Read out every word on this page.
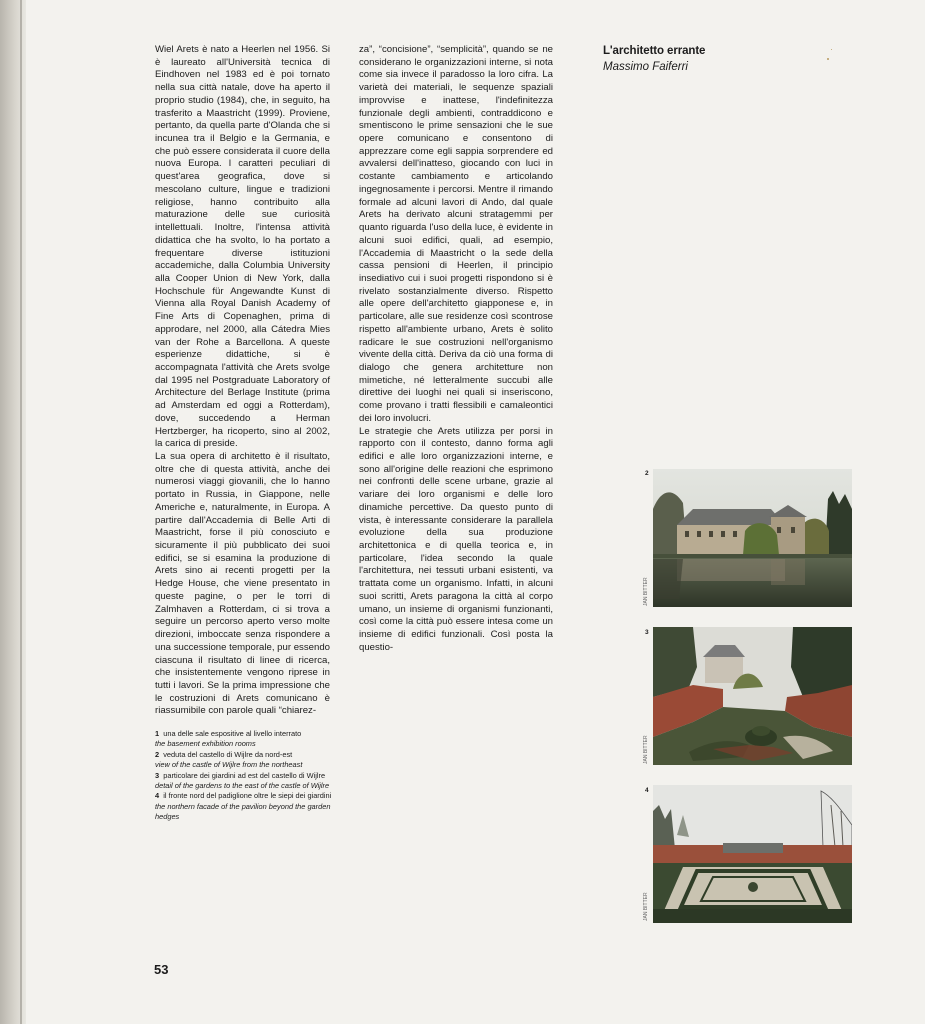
Wiel Arets è nato a Heerlen nel 1956. Si è laureato all'Università tecnica di Eindhoven nel 1983 ed è poi tornato nella sua città natale, dove ha aperto il proprio studio (1984), che, in seguito, ha trasferito a Maastricht (1999). Proviene, pertanto, da quella parte d'Olanda che si incunea tra il Belgio e la Germania, e che può essere considerata il cuore della nuova Europa. I caratteri peculiari di quest'area geografica, dove si mescolano culture, lingue e tradizioni religiose, hanno contribuito alla maturazione delle sue curiosità intellettuali. Inoltre, l'intensa attività didattica che ha svolto, lo ha portato a frequentare diverse istituzioni accademiche, dalla Columbia University alla Cooper Union di New York, dalla Hochschule für Angewandte Kunst di Vienna alla Royal Danish Academy of Fine Arts di Copenaghen, prima di approdare, nel 2000, alla Cátedra Mies van der Rohe a Barcellona. A queste esperienze didattiche, si è accompagnata l'attività che Arets svolge dal 1995 nel Postgraduate Laboratory of Architecture del Berlage Institute (prima ad Amsterdam ed oggi a Rotterdam), dove, succedendo a Herman Hertzberger, ha ricoperto, sino al 2002, la carica di preside.

La sua opera di architetto è il risultato, oltre che di questa attività, anche dei numerosi viaggi giovanili, che lo hanno portato in Russia, in Giappone, nelle Americhe e, naturalmente, in Europa. A partire dall'Accademia di Belle Arti di Maastricht, forse il più conosciuto e sicuramente il più pubblicato dei suoi edifici, se si esamina la produzione di Arets sino ai recenti progetti per la Hedge House, che viene presentato in queste pagine, o per le torri di Zalmhaven a Rotterdam, ci si trova a seguire un percorso aperto verso molte direzioni, imboccate senza rispondere a una successione temporale, pur essendo ciascuna il risultato di linee di ricerca, che insistentemente vengono riprese in tutti i lavori. Se la prima impressione che le costruzioni di Arets comunicano è riassumibile con parole quali “chiarez-

za”, “concisione”, “semplicità”, quando se ne considerano le organizzazioni interne, si nota come sia invece il paradosso la loro cifra. La varietà dei materiali, le sequenze spaziali improvvise e inattese, l'indefinitezza funzionale degli ambienti, contraddicono e smentiscono le prime sensazioni che le sue opere comunicano e consentono di apprezzare come egli sappia sorprendere ed avvalersi dell'inatteso, giocando con luci in costante cambiamento e articolando ingegnosamente i percorsi. Mentre il rimando formale ad alcuni lavori di Ando, dal quale Arets ha derivato alcuni stratagemmi per quanto riguarda l'uso della luce, è evidente in alcuni suoi edifici, quali, ad esempio, l'Accademia di Maastricht o la sede della cassa pensioni di Heerlen, il principio insediativo cui i suoi progetti rispondono si è rivelato sostanzialmente diverso. Rispetto alle opere dell'architetto giapponese e, in particolare, alle sue residenze così scontrose rispetto all'ambiente urbano, Arets è solito radicare le sue costruzioni nell'organismo vivente della città. Deriva da ciò una forma di dialogo che genera architetture non mimetiche, né letteralmente succubi alle direttive dei luoghi nei quali si inseriscono, come provano i tratti flessibili e camaleontici dei loro involucri.

Le strategie che Arets utilizza per porsi in rapporto con il contesto, danno forma agli edifici e alle loro organizzazioni interne, e sono all'origine delle reazioni che esprimono nei confronti delle scene urbane, grazie al variare dei loro organismi e delle loro dinamiche percettive. Da questo punto di vista, è interessante considerare la parallela evoluzione della sua produzione architettonica e di quella teorica e, in particolare, l'idea secondo la quale l'architettura, nei tessuti urbani esistenti, va trattata come un organismo. Infatti, in alcuni suoi scritti, Arets paragona la città al corpo umano, un insieme di organismi funzionanti, così come la città può essere intesa come un insieme di edifici funzionali. Così posta la questio-

L'architetto errante
Massimo Faiferri
1 una delle sale espositive al livello interrato
the basement exhibition rooms
2 veduta del castello di Wijlre da nord-est
view of the castle of Wijlre from the northeast
3 particolare dei giardini ad est del castello di Wijlre
detail of the gardens to the east of the castle of Wijlre
4 il fronte nord del padiglione oltre le siepi dei giardini
the northern facade of the pavilion beyond the garden hedges
53
2
JAN BITTER
3
JAN BITTER
4
JAN BITTER
